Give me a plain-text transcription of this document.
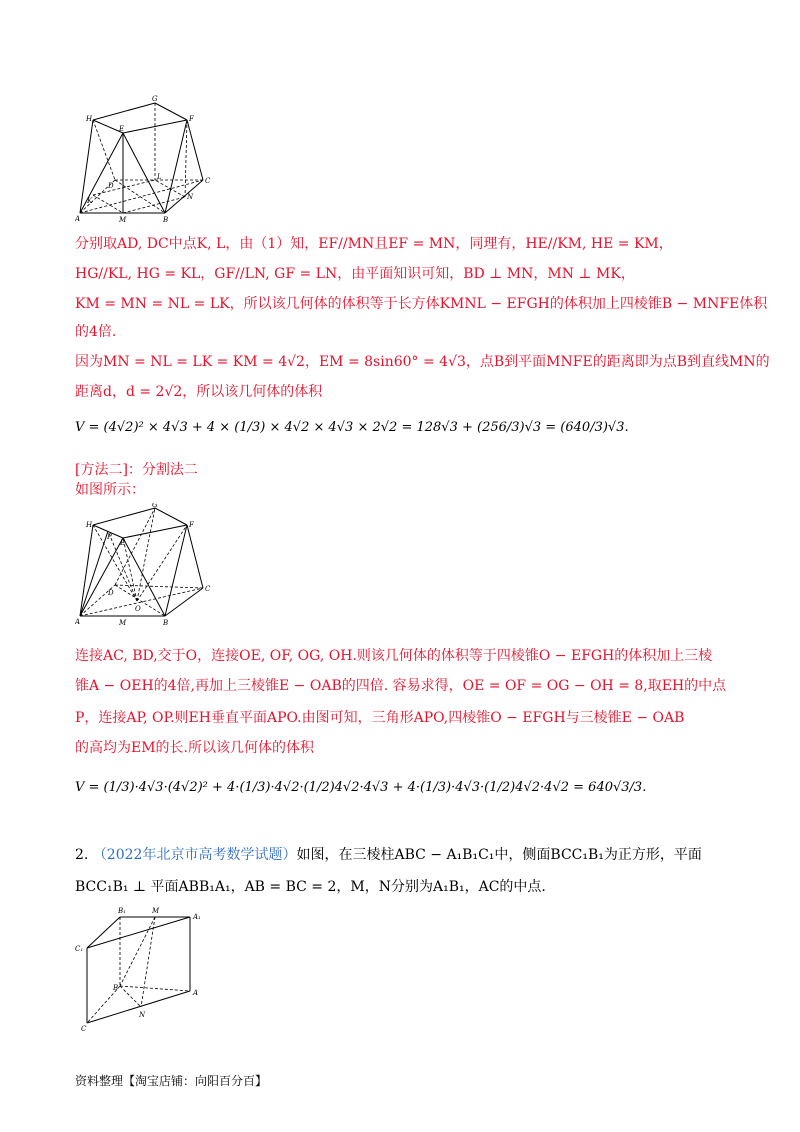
H
G
F
E
C
D
L
K	N
A	M	B
分别取AD, DC中点K, L，由（1）知，EF//MN且EF = MN，同理有，HE//KM, HE = KM，
HG//KL, HG = KL，GF//LN, GF = LN，由平面知识可知，BD ⊥ MN，MN ⊥ MK，
KM = MN = NL = LK，所以该几何体的体积等于长方体KMNL − EFGH的体积加上四棱锥B − MNFE体积
的4倍.
因为MN = NL = LK = KM = 4√2，EM = 8sin60° = 4√3，点B到平面MNFE的距离即为点B到直线MN的
距离d，d = 2√2，所以该几何体的体积
V = (4√2)² × 4√3 + 4 × (1/3) × 4√2 × 4√3 × 2√2 = 128√3 + (256/3)√3 = (640/3)√3.
[方法二]：分割法二
如图所示：
H
G
F
E
P
C
D
O
A	M	B
连接AC, BD,交于O，连接OE, OF, OG, OH.则该几何体的体积等于四棱锥O − EFGH的体积加上三棱
锥A − OEH的4倍,再加上三棱锥E − OAB的四倍. 容易求得，OE = OF = OG − OH = 8,取EH的中点
P，连接AP, OP.则EH垂直平面APO.由图可知，三角形APO,四棱锥O − EFGH与三棱锥E − OAB
的高均为EM的长.所以该几何体的体积
V = (1/3)·4√3·(4√2)² + 4·(1/3)·4√2·(1/2)4√2·4√3 + 4·(1/3)·4√3·(1/2)4√2·4√2 = 640√3/3.
2. （2022年北京市高考数学试题）如图，在三棱柱ABC − A₁B₁C₁中，侧面BCC₁B₁为正方形，平面
BCC₁B₁ ⊥ 平面ABB₁A₁，AB = BC = 2，M，N分别为A₁B₁，AC的中点.
B₁	M
A₁
C₁
B
A
N
C
资料整理【淘宝店铺：向阳百分百】
